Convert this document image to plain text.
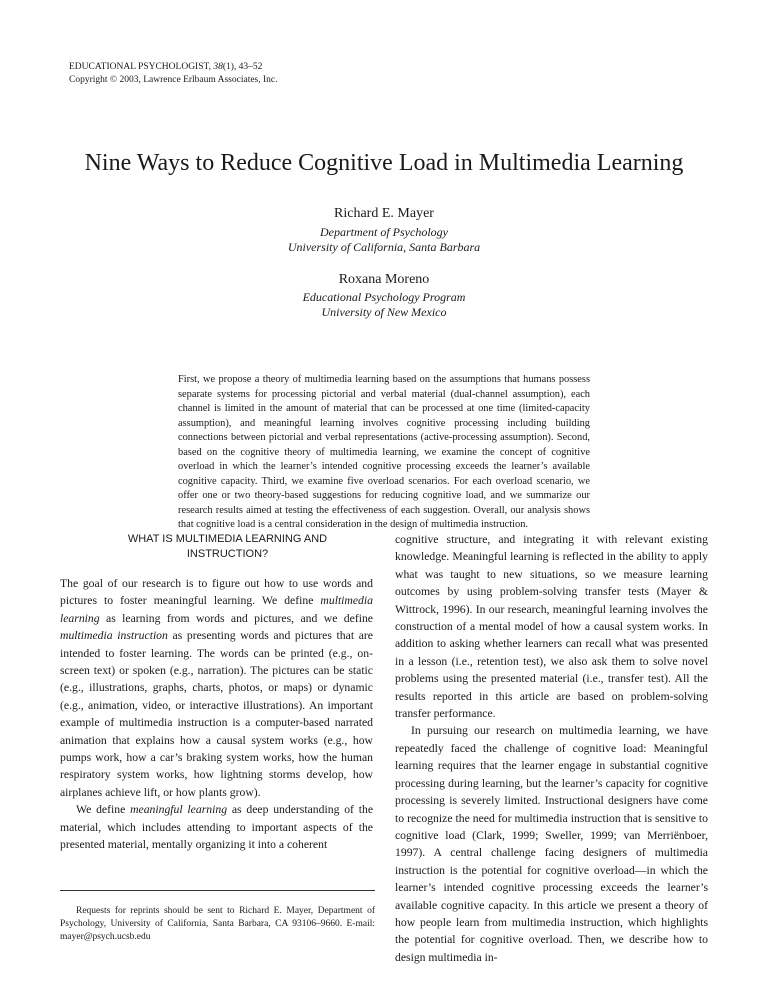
EDUCATIONAL PSYCHOLOGIST, 38(1), 43–52
Copyright © 2003, Lawrence Erlbaum Associates, Inc.
Nine Ways to Reduce Cognitive Load in Multimedia Learning
Richard E. Mayer
Department of Psychology
University of California, Santa Barbara
Roxana Moreno
Educational Psychology Program
University of New Mexico

First, we propose a theory of multimedia learning based on the assumptions that humans possess separate systems for processing pictorial and verbal material (dual-channel assumption), each channel is limited in the amount of material that can be processed at one time (limited-capacity assumption), and meaningful learning involves cognitive processing including building connections between pictorial and verbal representations (active-processing assumption). Second, based on the cognitive theory of multimedia learning, we examine the concept of cognitive overload in which the learner’s intended cognitive processing exceeds the learner’s available cognitive capacity. Third, we examine five overload scenarios. For each overload scenario, we offer one or two theory-based suggestions for reducing cognitive load, and we summarize our research results aimed at testing the effectiveness of each suggestion. Overall, our analysis shows that cognitive load is a central consideration in the design of multimedia instruction.

WHAT IS MULTIMEDIA LEARNING AND INSTRUCTION?

The goal of our research is to figure out how to use words and pictures to foster meaningful learning. We define multimedia learning as learning from words and pictures, and we define multimedia instruction as presenting words and pictures that are intended to foster learning. The words can be printed (e.g., on-screen text) or spoken (e.g., narration). The pictures can be static (e.g., illustrations, graphs, charts, photos, or maps) or dynamic (e.g., animation, video, or interactive illustrations). An important example of multimedia instruction is a computer-based narrated animation that explains how a causal system works (e.g., how pumps work, how a car’s braking system works, how the human respiratory system works, how lightning storms develop, how airplanes achieve lift, or how plants grow).

We define meaningful learning as deep understanding of the material, which includes attending to important aspects of the presented material, mentally organizing it into a coherent

Requests for reprints should be sent to Richard E. Mayer, Department of Psychology, University of California, Santa Barbara, CA 93106–9660. E-mail: mayer@psych.ucsb.edu

cognitive structure, and integrating it with relevant existing knowledge. Meaningful learning is reflected in the ability to apply what was taught to new situations, so we measure learning outcomes by using problem-solving transfer tests (Mayer & Wittrock, 1996). In our research, meaningful learning involves the construction of a mental model of how a causal system works. In addition to asking whether learners can recall what was presented in a lesson (i.e., retention test), we also ask them to solve novel problems using the presented material (i.e., transfer test). All the results reported in this article are based on problem-solving transfer performance.

In pursuing our research on multimedia learning, we have repeatedly faced the challenge of cognitive load: Meaningful learning requires that the learner engage in substantial cognitive processing during learning, but the learner’s capacity for cognitive processing is severely limited. Instructional designers have come to recognize the need for multimedia instruction that is sensitive to cognitive load (Clark, 1999; Sweller, 1999; van Merriënboer, 1997). A central challenge facing designers of multimedia instruction is the potential for cognitive overload—in which the learner’s intended cognitive processing exceeds the learner’s available cognitive capacity. In this article we present a theory of how people learn from multimedia instruction, which highlights the potential for cognitive overload. Then, we describe how to design multimedia in-
